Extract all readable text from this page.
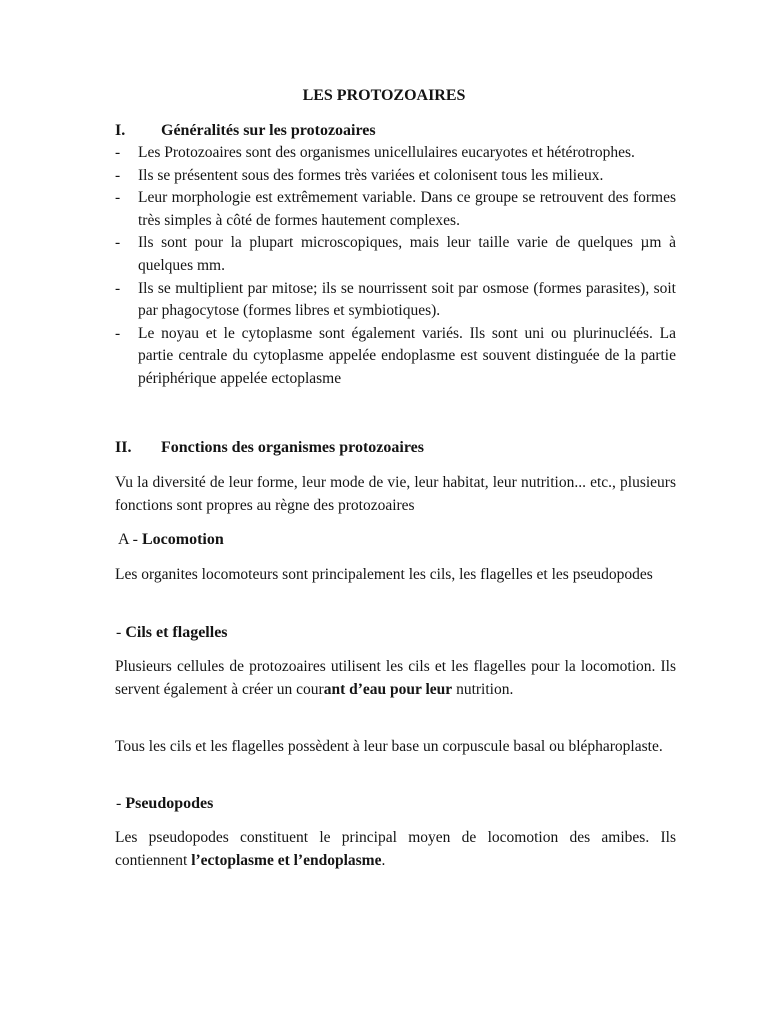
LES PROTOZOAIRES
I. Généralités sur les protozoaires
- Les Protozoaires sont des organismes unicellulaires eucaryotes et hétérotrophes.
- Ils se présentent sous des formes très variées et colonisent tous les milieux.
- Leur morphologie est extrêmement variable. Dans ce groupe se retrouvent des formes très simples à côté de formes hautement complexes.
- Ils sont pour la plupart microscopiques, mais leur taille varie de quelques µm à quelques mm.
- Ils se multiplient par mitose; ils se nourrissent soit par osmose (formes parasites), soit par phagocytose (formes libres et symbiotiques).
- Le noyau et le cytoplasme sont également variés. Ils sont uni ou plurinucléés. La partie centrale du cytoplasme appelée endoplasme est souvent distinguée de la partie périphérique appelée ectoplasme
II. Fonctions des organismes protozoaires

Vu la diversité de leur forme, leur mode de vie, leur habitat, leur nutrition... etc., plusieurs fonctions sont propres au règne des protozoaires

A - Locomotion

Les organites locomoteurs sont principalement les cils, les flagelles et les pseudopodes

- Cils et flagelles

Plusieurs cellules de protozoaires utilisent les cils et les flagelles pour la locomotion. Ils servent également à créer un courant d’eau pour leur nutrition.

Tous les cils et les flagelles possèdent à leur base un corpuscule basal ou blépharoplaste.

- Pseudopodes

Les pseudopodes constituent le principal moyen de locomotion des amibes. Ils contiennent l’ectoplasme et l’endoplasme.
